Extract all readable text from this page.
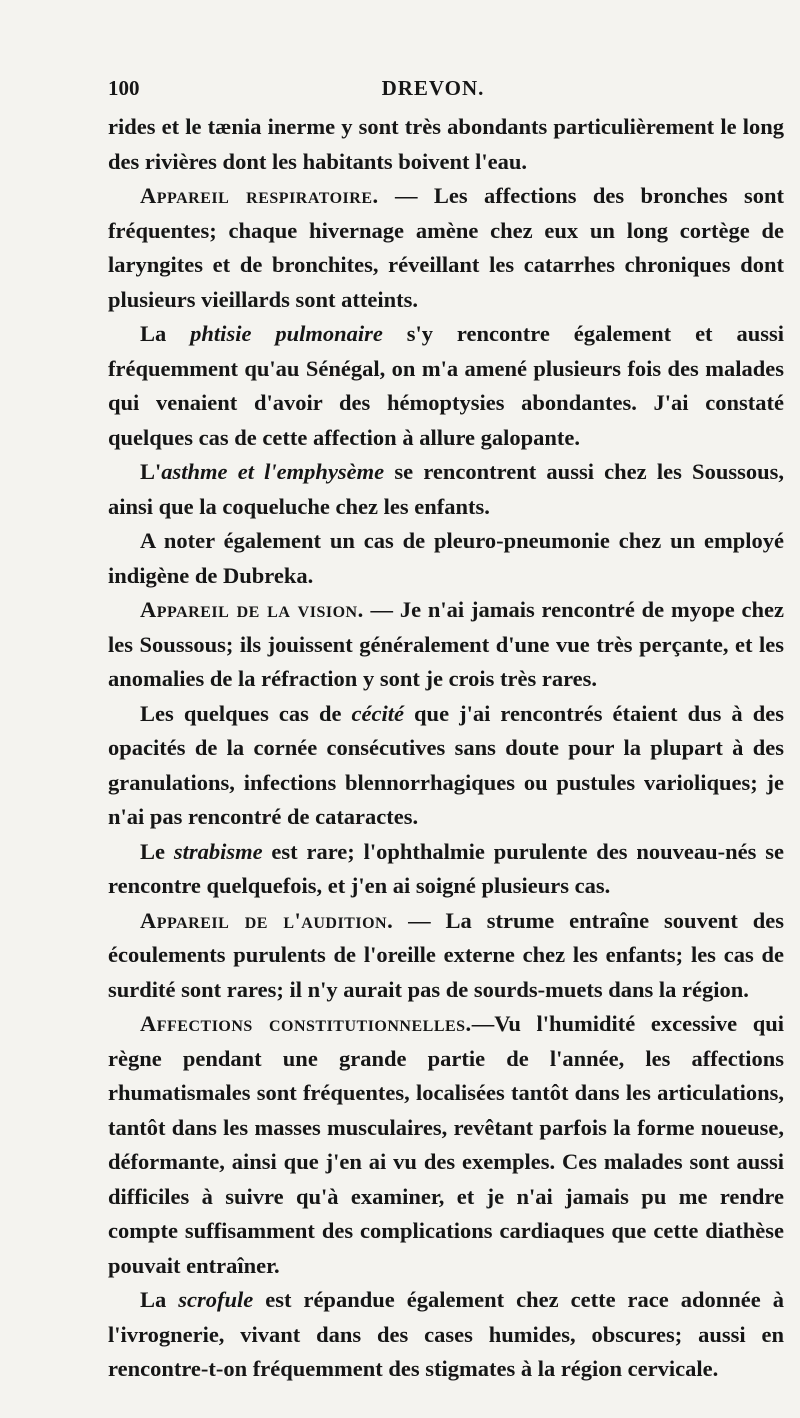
100	DREVON.

rides et le tænia inerme y sont très abondants particulièrement le long des rivières dont les habitants boivent l'eau.

Appareil respiratoire. — Les affections des bronches sont fréquentes; chaque hivernage amène chez eux un long cortège de laryngites et de bronchites, réveillant les catarrhes chroniques dont plusieurs vieillards sont atteints.

La phtisie pulmonaire s'y rencontre également et aussi fréquemment qu'au Sénégal, on m'a amené plusieurs fois des malades qui venaient d'avoir des hémoptysies abondantes. J'ai constaté quelques cas de cette affection à allure galopante.

L'asthme et l'emphysème se rencontrent aussi chez les Soussous, ainsi que la coqueluche chez les enfants.

A noter également un cas de pleuro-pneumonie chez un employé indigène de Dubreka.

Appareil de la vision. — Je n'ai jamais rencontré de myope chez les Soussous; ils jouissent généralement d'une vue très perçante, et les anomalies de la réfraction y sont je crois très rares.

Les quelques cas de cécité que j'ai rencontrés étaient dus à des opacités de la cornée consécutives sans doute pour la plupart à des granulations, infections blennorrhagiques ou pustules varioliques; je n'ai pas rencontré de cataractes.

Le strabisme est rare; l'ophthalmie purulente des nouveau-nés se rencontre quelquefois, et j'en ai soigné plusieurs cas.

Appareil de l'audition. — La strume entraîne souvent des écoulements purulents de l'oreille externe chez les enfants; les cas de surdité sont rares; il n'y aurait pas de sourds-muets dans la région.

Affections constitutionnelles.—Vu l'humidité excessive qui règne pendant une grande partie de l'année, les affections rhumatismales sont fréquentes, localisées tantôt dans les articulations, tantôt dans les masses musculaires, revêtant parfois la forme noueuse, déformante, ainsi que j'en ai vu des exemples. Ces malades sont aussi difficiles à suivre qu'à examiner, et je n'ai jamais pu me rendre compte suffisamment des complications cardiaques que cette diathèse pouvait entraîner.

La scrofule est répandue également chez cette race adonnée à l'ivrognerie, vivant dans des cases humides, obscures; aussi en rencontre-t-on fréquemment des stigmates à la région cervicale.
